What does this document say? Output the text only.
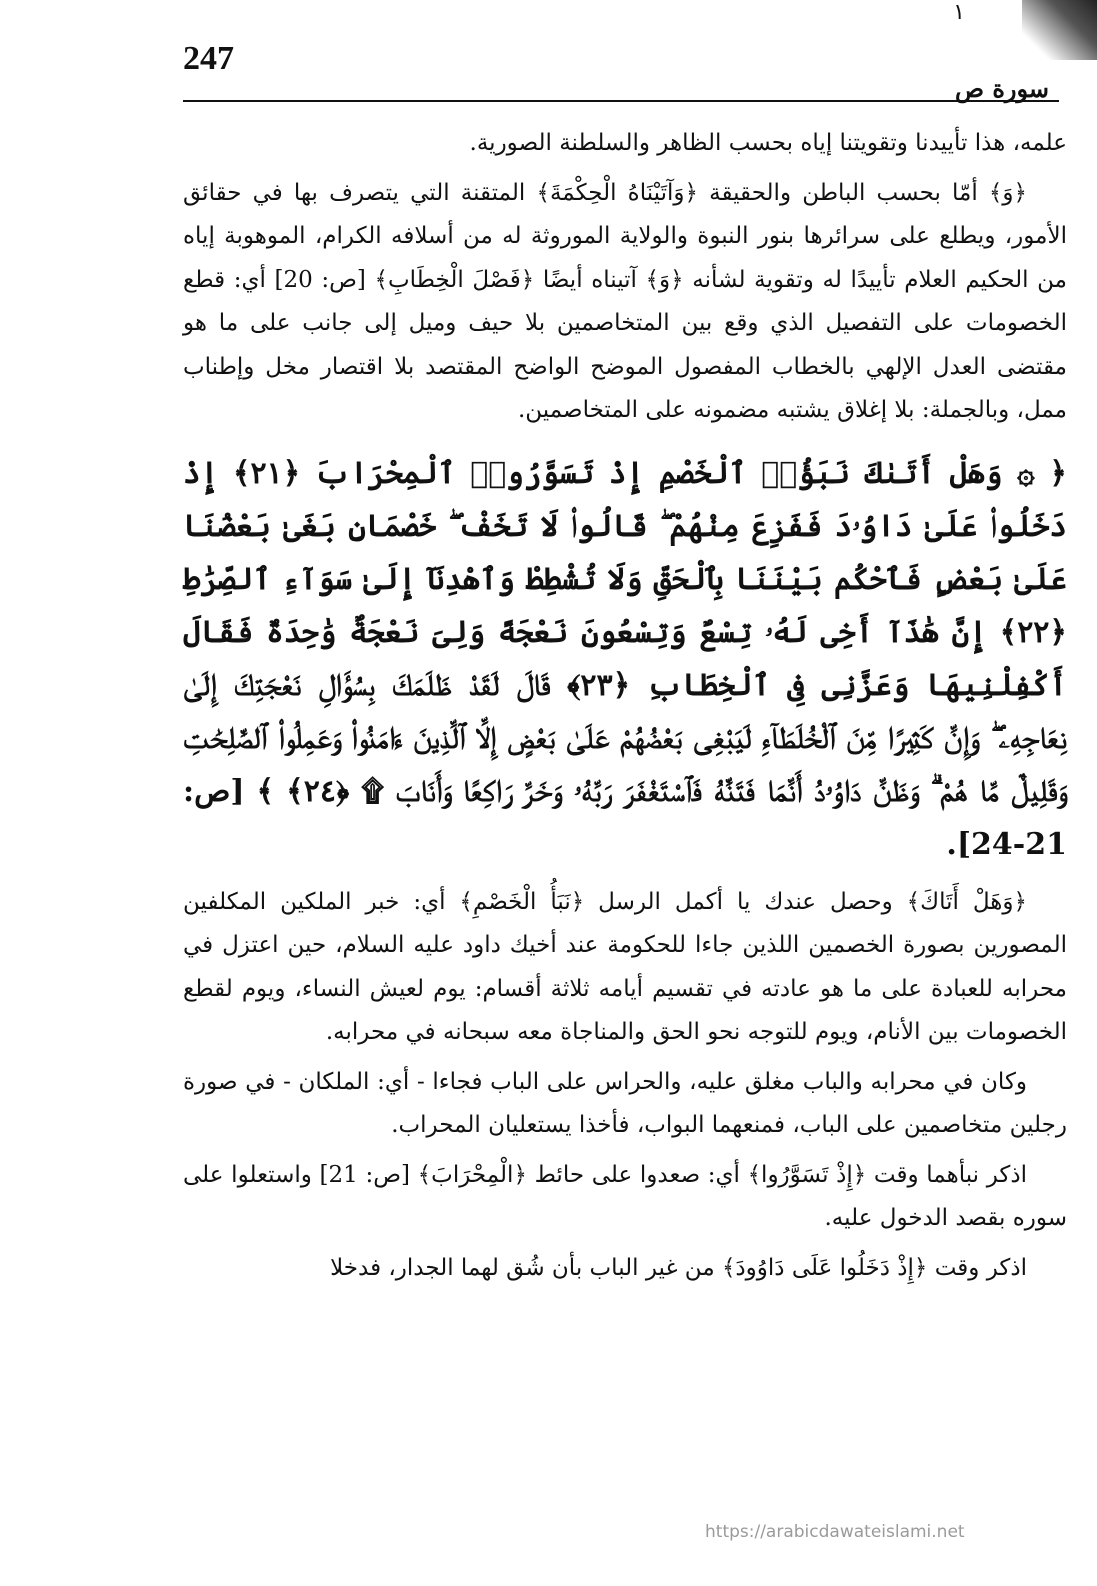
١
247
سورة ص

علمه، هذا تأييدنا وتقويتنا إياه بحسب الظاهر والسلطنة الصورية.

﴿وَ﴾ أمّا بحسب الباطن والحقيقة ﴿وَآتَيْنَاهُ الْحِكْمَةَ﴾ المتقنة التي يتصرف بها في حقائق الأمور، ويطلع على سرائرها بنور النبوة والولاية الموروثة له من أسلافه الكرام، الموهوبة إياه من الحكيم العلام تأييدًا له وتقوية لشأنه ﴿وَ﴾ آتيناه أيضًا ﴿فَصْلَ الْخِطَابِ﴾ [ص: 20] أي: قطع الخصومات على التفصيل الذي وقع بين المتخاصمين بلا حيف وميل إلى جانب على ما هو مقتضى العدل الإلهي بالخطاب المفصول الموضح الواضح المقتصد بلا اقتصار مخل وإطناب ممل، وبالجملة: بلا إغلاق يشتبه مضمونه على المتخاصمين.

﴿ ۞ وَهَلْ أَتَىٰكَ نَبَؤُا۟ ٱلْخَصْمِ إِذْ تَسَوَّرُوا۟ ٱلْمِحْرَابَ ﴿٢١﴾ إِذْ دَخَلُوا۟ عَلَىٰ دَاوُۥدَ فَفَزِعَ مِنْهُمْ ۖ قَالُوا۟ لَا تَخَفْ ۖ خَصْمَانِ بَغَىٰ بَعْضُنَا عَلَىٰ بَعْضٍ فَٱحْكُم بَيْنَنَا بِٱلْحَقِّ وَلَا تُشْطِطْ وَٱهْدِنَآ إِلَىٰ سَوَآءِ ٱلصِّرَٰطِ ﴿٢٢﴾ إِنَّ هَٰذَآ أَخِى لَهُۥ تِسْعٌ وَتِسْعُونَ نَعْجَةً وَلِىَ نَعْجَةٌ وَٰحِدَةٌ فَقَالَ أَكْفِلْنِيهَا وَعَزَّنِى فِى ٱلْخِطَابِ ﴿٢٣﴾ قَالَ لَقَدْ ظَلَمَكَ بِسُؤَالِ نَعْجَتِكَ إِلَىٰ نِعَاجِهِۦ ۖ وَإِنَّ كَثِيرًا مِّنَ ٱلْخُلَطَآءِ لَيَبْغِى بَعْضُهُمْ عَلَىٰ بَعْضٍ إِلَّا ٱلَّذِينَ ءَامَنُوا۟ وَعَمِلُوا۟ ٱلصَّٰلِحَٰتِ وَقَلِيلٌ مَّا هُمْ ۗ وَظَنَّ دَاوُۥدُ أَنَّمَا فَتَنَّٰهُ فَٱسْتَغْفَرَ رَبَّهُۥ وَخَرَّ رَاكِعًا وَأَنَابَ ۩ ﴿٢٤﴾ ﴾ [ص: 21-24].

﴿وَهَلْ أَتَاكَ﴾ وحصل عندك يا أكمل الرسل ﴿نَبَأُ الْخَصْمِ﴾ أي: خبر الملكين المكلفين المصورين بصورة الخصمين اللذين جاءا للحكومة عند أخيك داود عليه السلام، حين اعتزل في محرابه للعبادة على ما هو عادته في تقسيم أيامه ثلاثة أقسام: يوم لعيش النساء، ويوم لقطع الخصومات بين الأنام، ويوم للتوجه نحو الحق والمناجاة معه سبحانه في محرابه.

وكان في محرابه والباب مغلق عليه، والحراس على الباب فجاءا - أي: الملكان - في صورة رجلين متخاصمين على الباب، فمنعهما البواب، فأخذا يستعليان المحراب.

اذكر نبأهما وقت ﴿إِذْ تَسَوَّرُوا﴾ أي: صعدوا على حائط ﴿الْمِحْرَابَ﴾ [ص: 21] واستعلوا على سوره بقصد الدخول عليه.

اذكر وقت ﴿إِذْ دَخَلُوا عَلَى دَاوُودَ﴾ من غير الباب بأن شُق لهما الجدار، فدخلا

https://arabicdawateislami.net
